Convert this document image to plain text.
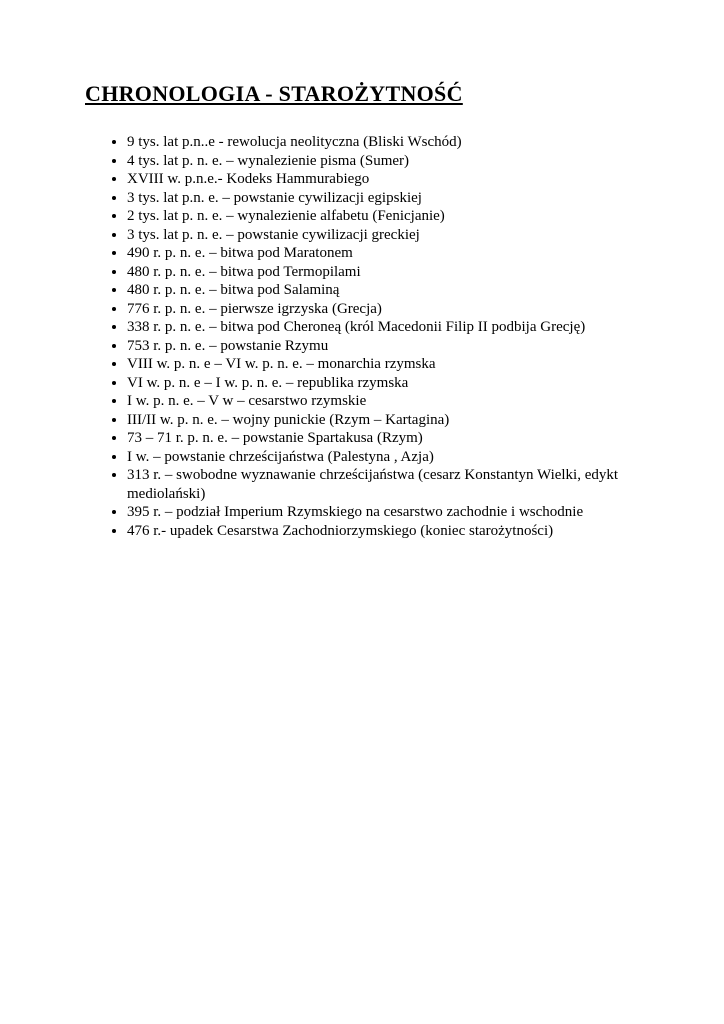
CHRONOLOGIA - STAROŻYTNOŚĆ
• 9 tys. lat p.n..e - rewolucja neolityczna (Bliski Wschód)
• 4 tys. lat p. n. e. – wynalezienie pisma (Sumer)
• XVIII w. p.n.e.- Kodeks Hammurabiego
• 3 tys. lat p.n. e. – powstanie cywilizacji egipskiej
• 2 tys. lat p. n. e. – wynalezienie alfabetu (Fenicjanie)
• 3 tys. lat p. n. e. – powstanie cywilizacji greckiej
• 490 r. p. n. e. – bitwa pod Maratonem
• 480 r. p. n. e. – bitwa pod Termopilami
• 480 r. p. n. e. – bitwa pod Salaminą
• 776 r. p. n. e. – pierwsze igrzyska (Grecja)
• 338 r. p. n. e. – bitwa pod Cheroneą (król Macedonii Filip II podbija Grecję)
• 753 r. p. n. e. – powstanie Rzymu
• VIII w. p. n. e – VI w. p. n. e. – monarchia rzymska
• VI w. p. n. e – I w. p. n. e. – republika rzymska
• I w. p. n. e. – V w – cesarstwo rzymskie
• III/II w. p. n. e. – wojny punickie (Rzym – Kartagina)
• 73 – 71 r. p. n. e. – powstanie Spartakusa (Rzym)
• I w. – powstanie chrześcijaństwa (Palestyna , Azja)
• 313 r. – swobodne wyznawanie chrześcijaństwa (cesarz Konstantyn Wielki, edykt mediolański)
• 395 r. – podział Imperium Rzymskiego na cesarstwo zachodnie i wschodnie
• 476 r.- upadek Cesarstwa Zachodniorzymskiego (koniec starożytności)
